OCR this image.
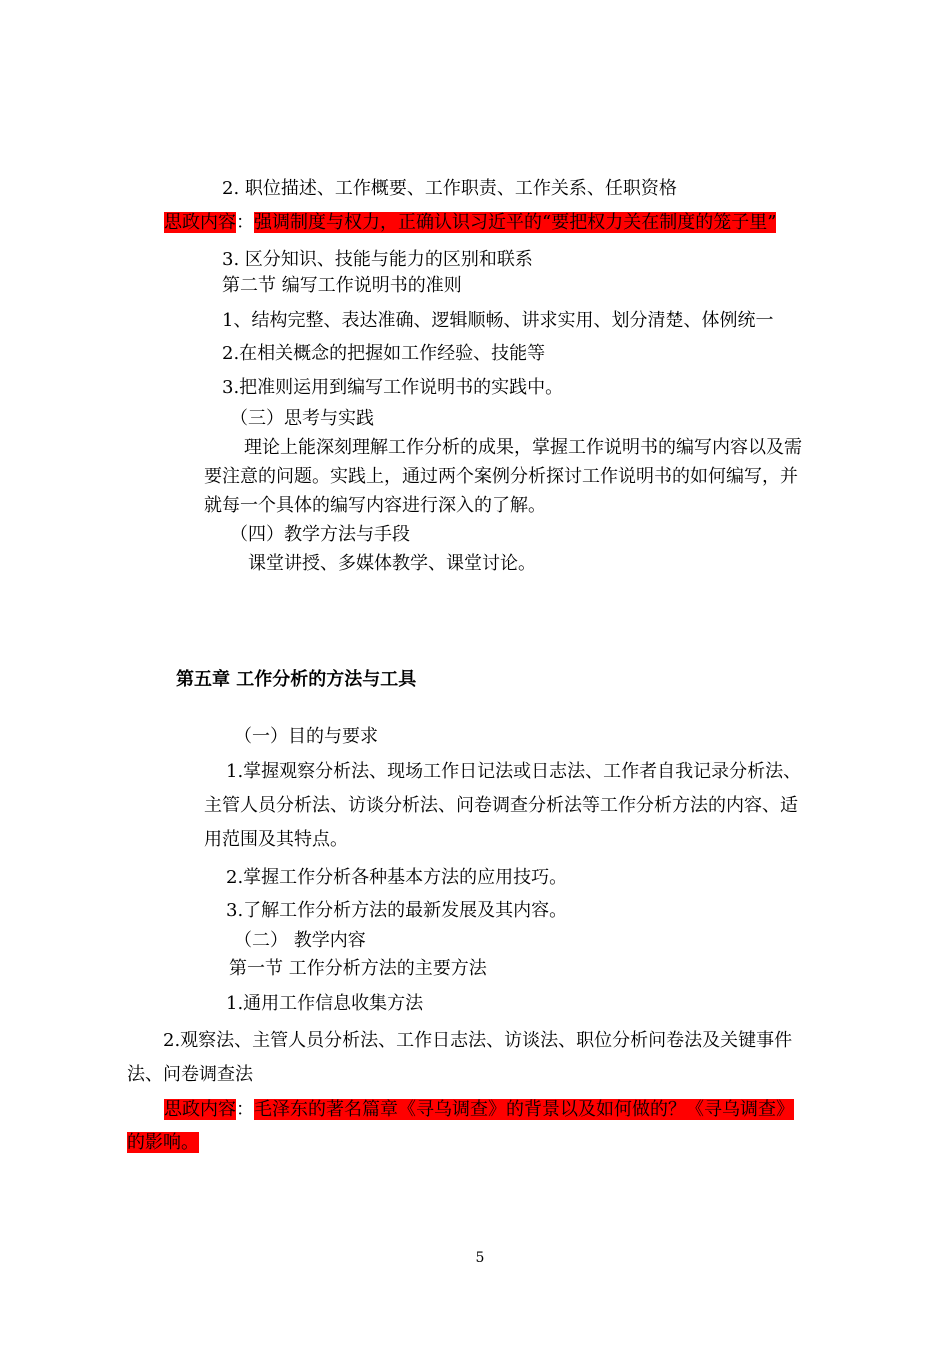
2. 职位描述、工作概要、工作职责、工作关系、任职资格
思政内容：强调制度与权力，正确认识习近平的“要把权力关在制度的笼子里”
3. 区分知识、技能与能力的区别和联系
第二节 编写工作说明书的准则
1、结构完整、表达准确、逻辑顺畅、讲求实用、划分清楚、体例统一
2.在相关概念的把握如工作经验、技能等
3.把准则运用到编写工作说明书的实践中。
（三）思考与实践
理论上能深刻理解工作分析的成果，掌握工作说明书的编写内容以及需
要注意的问题。实践上，通过两个案例分析探讨工作说明书的如何编写，并
就每一个具体的编写内容进行深入的了解。
（四）教学方法与手段
课堂讲授、多媒体教学、课堂讨论。
第五章 工作分析的方法与工具
（一）目的与要求
1.掌握观察分析法、现场工作日记法或日志法、工作者自我记录分析法、
主管人员分析法、访谈分析法、问卷调查分析法等工作分析方法的内容、适
用范围及其特点。
2.掌握工作分析各种基本方法的应用技巧。
3.了解工作分析方法的最新发展及其内容。
（二） 教学内容
第一节 工作分析方法的主要方法
1.通用工作信息收集方法
2.观察法、主管人员分析法、工作日志法、访谈法、职位分析问卷法及关键事件
法、问卷调查法
思政内容：毛泽东的著名篇章《寻乌调查》的背景以及如何做的？《寻乌调查》
的影响。
5
